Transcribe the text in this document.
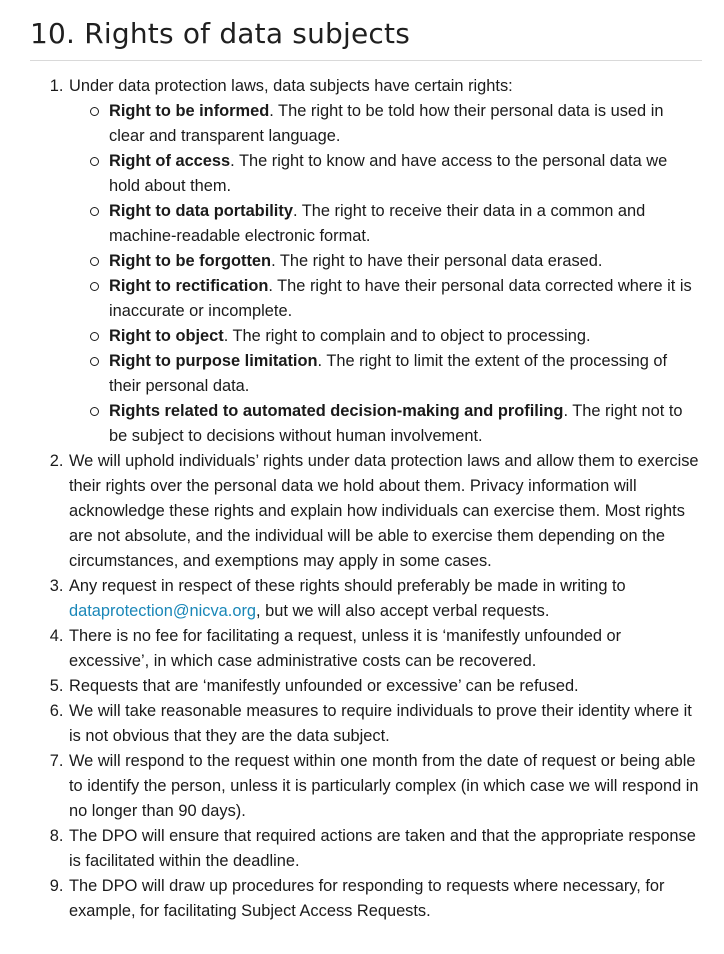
10. Rights of data subjects
1. Under data protection laws, data subjects have certain rights:
Right to be informed. The right to be told how their personal data is used in clear and transparent language.
Right of access. The right to know and have access to the personal data we hold about them.
Right to data portability. The right to receive their data in a common and machine-readable electronic format.
Right to be forgotten. The right to have their personal data erased.
Right to rectification. The right to have their personal data corrected where it is inaccurate or incomplete.
Right to object. The right to complain and to object to processing.
Right to purpose limitation. The right to limit the extent of the processing of their personal data.
Rights related to automated decision-making and profiling. The right not to be subject to decisions without human involvement.
2. We will uphold individuals’ rights under data protection laws and allow them to exercise their rights over the personal data we hold about them. Privacy information will acknowledge these rights and explain how individuals can exercise them. Most rights are not absolute, and the individual will be able to exercise them depending on the circumstances, and exemptions may apply in some cases.
3. Any request in respect of these rights should preferably be made in writing to dataprotection@nicva.org, but we will also accept verbal requests.
4. There is no fee for facilitating a request, unless it is ‘manifestly unfounded or excessive’, in which case administrative costs can be recovered.
5. Requests that are ‘manifestly unfounded or excessive’ can be refused.
6. We will take reasonable measures to require individuals to prove their identity where it is not obvious that they are the data subject.
7. We will respond to the request within one month from the date of request or being able to identify the person, unless it is particularly complex (in which case we will respond in no longer than 90 days).
8. The DPO will ensure that required actions are taken and that the appropriate response is facilitated within the deadline.
9. The DPO will draw up procedures for responding to requests where necessary, for example, for facilitating Subject Access Requests.
